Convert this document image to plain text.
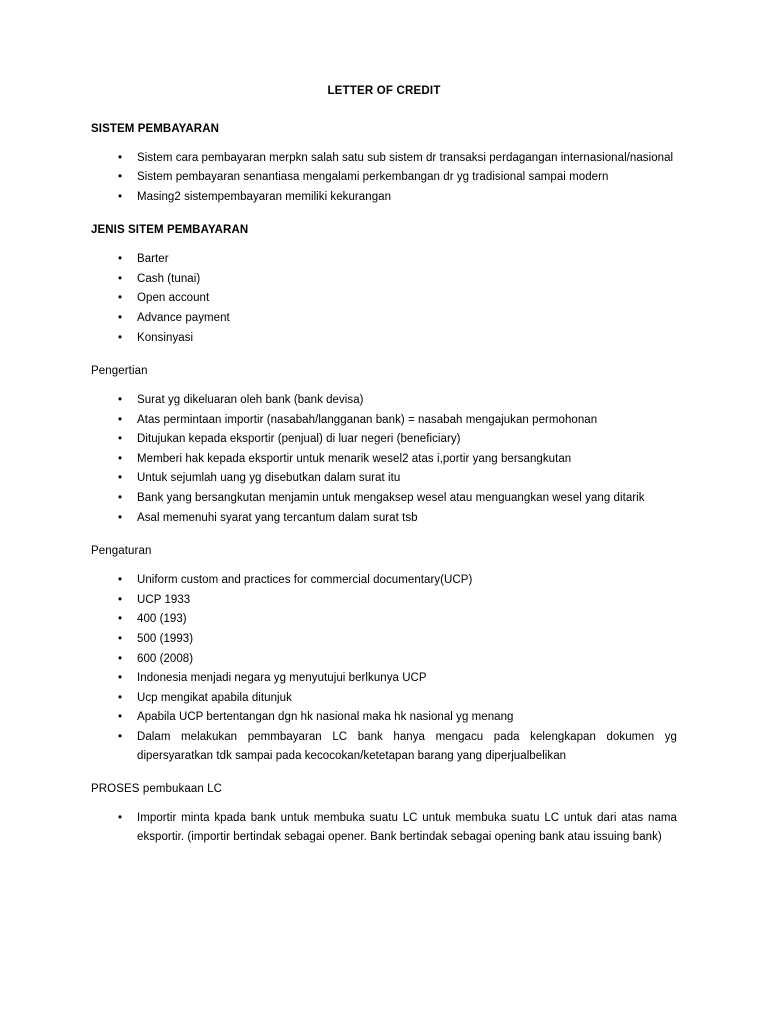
LETTER OF CREDIT
SISTEM PEMBAYARAN
• Sistem cara pembayaran merpkn salah satu sub sistem dr transaksi perdagangan internasional/nasional
• Sistem pembayaran senantiasa mengalami perkembangan dr yg tradisional sampai modern
• Masing2 sistempembayaran memiliki kekurangan
JENIS SITEM PEMBAYARAN
• Barter
• Cash (tunai)
• Open account
• Advance payment
• Konsinyasi
Pengertian
• Surat yg dikeluaran oleh bank (bank devisa)
• Atas permintaan importir (nasabah/langganan bank) = nasabah mengajukan permohonan
• Ditujukan kepada eksportir (penjual) di luar negeri (beneficiary)
• Memberi hak kepada eksportir untuk menarik wesel2 atas i,portir yang bersangkutan
• Untuk sejumlah uang yg disebutkan dalam surat itu
• Bank yang bersangkutan menjamin untuk mengaksep wesel atau menguangkan wesel yang ditarik
• Asal memenuhi syarat yang tercantum dalam surat tsb
Pengaturan
• Uniform custom and practices for commercial documentary(UCP)
• UCP 1933
• 400 (193)
• 500 (1993)
• 600 (2008)
• Indonesia menjadi negara yg menyutujui berlkunya UCP
• Ucp mengikat apabila ditunjuk
• Apabila UCP bertentangan dgn hk nasional maka hk nasional yg menang
• Dalam melakukan pemmbayaran LC bank hanya mengacu pada kelengkapan dokumen yg dipersyaratkan tdk sampai pada kecocokan/ketetapan barang yang diperjualbelikan
PROSES pembukaan LC
• Importir minta kpada bank untuk membuka suatu LC untuk membuka suatu LC untuk dari atas nama eksportir. (importir bertindak sebagai opener. Bank bertindak sebagai opening bank atau issuing bank)
